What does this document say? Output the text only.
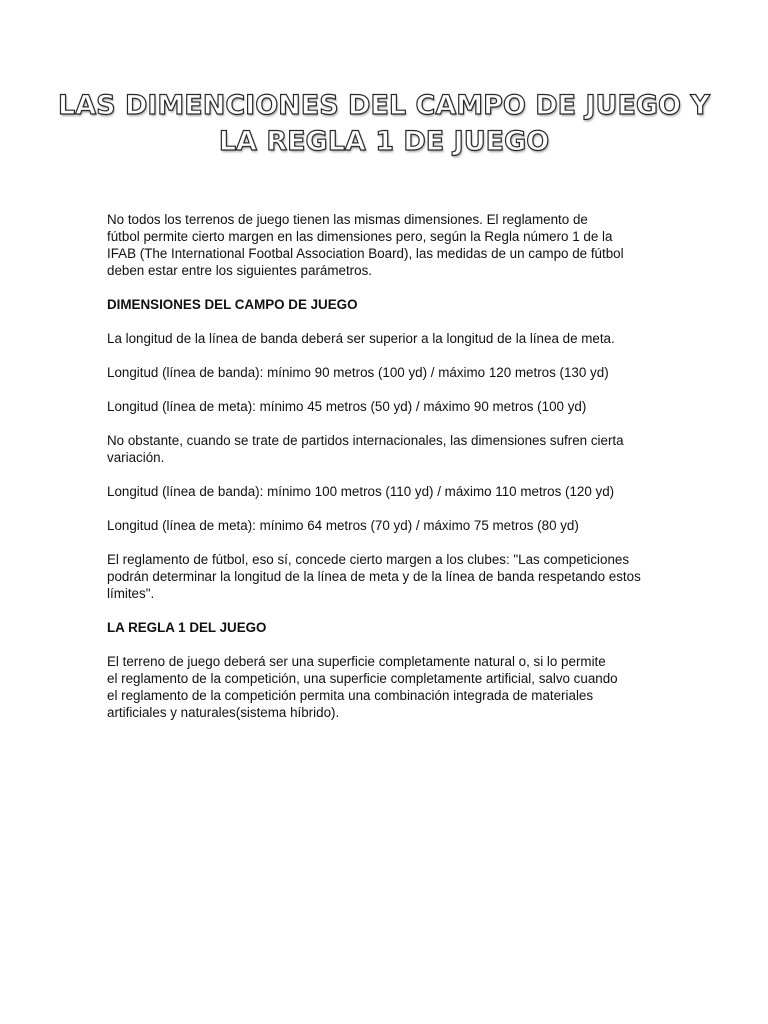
LAS DIMENCIONES DEL CAMPO DE JUEGO Y
LA REGLA 1 DE JUEGO

No todos los terrenos de juego tienen las mismas dimensiones. El reglamento de
fútbol permite cierto margen en las dimensiones pero, según la Regla número 1 de la
IFAB (The International Footbal Association Board), las medidas de un campo de fútbol
deben estar entre los siguientes parámetros.

DIMENSIONES DEL CAMPO DE JUEGO

La longitud de la línea de banda deberá ser superior a la longitud de la línea de meta.

Longitud (línea de banda): mínimo 90 metros (100 yd) / máximo 120 metros (130 yd)

Longitud (línea de meta): mínimo 45 metros (50 yd) / máximo 90 metros (100 yd)

No obstante, cuando se trate de partidos internacionales, las dimensiones sufren cierta
variación.

Longitud (línea de banda): mínimo 100 metros (110 yd) / máximo 110 metros (120 yd)

Longitud (línea de meta): mínimo 64 metros (70 yd) / máximo 75 metros (80 yd)

El reglamento de fútbol, eso sí, concede cierto margen a los clubes: "Las competiciones
podrán determinar la longitud de la línea de meta y de la línea de banda respetando estos
límites".

LA REGLA 1 DEL JUEGO

El terreno de juego deberá ser una superficie completamente natural o, si lo permite
el reglamento de la competición, una superficie completamente artificial, salvo cuando
el reglamento de la competición permita una combinación integrada de materiales
artificiales y naturales(sistema híbrido).
